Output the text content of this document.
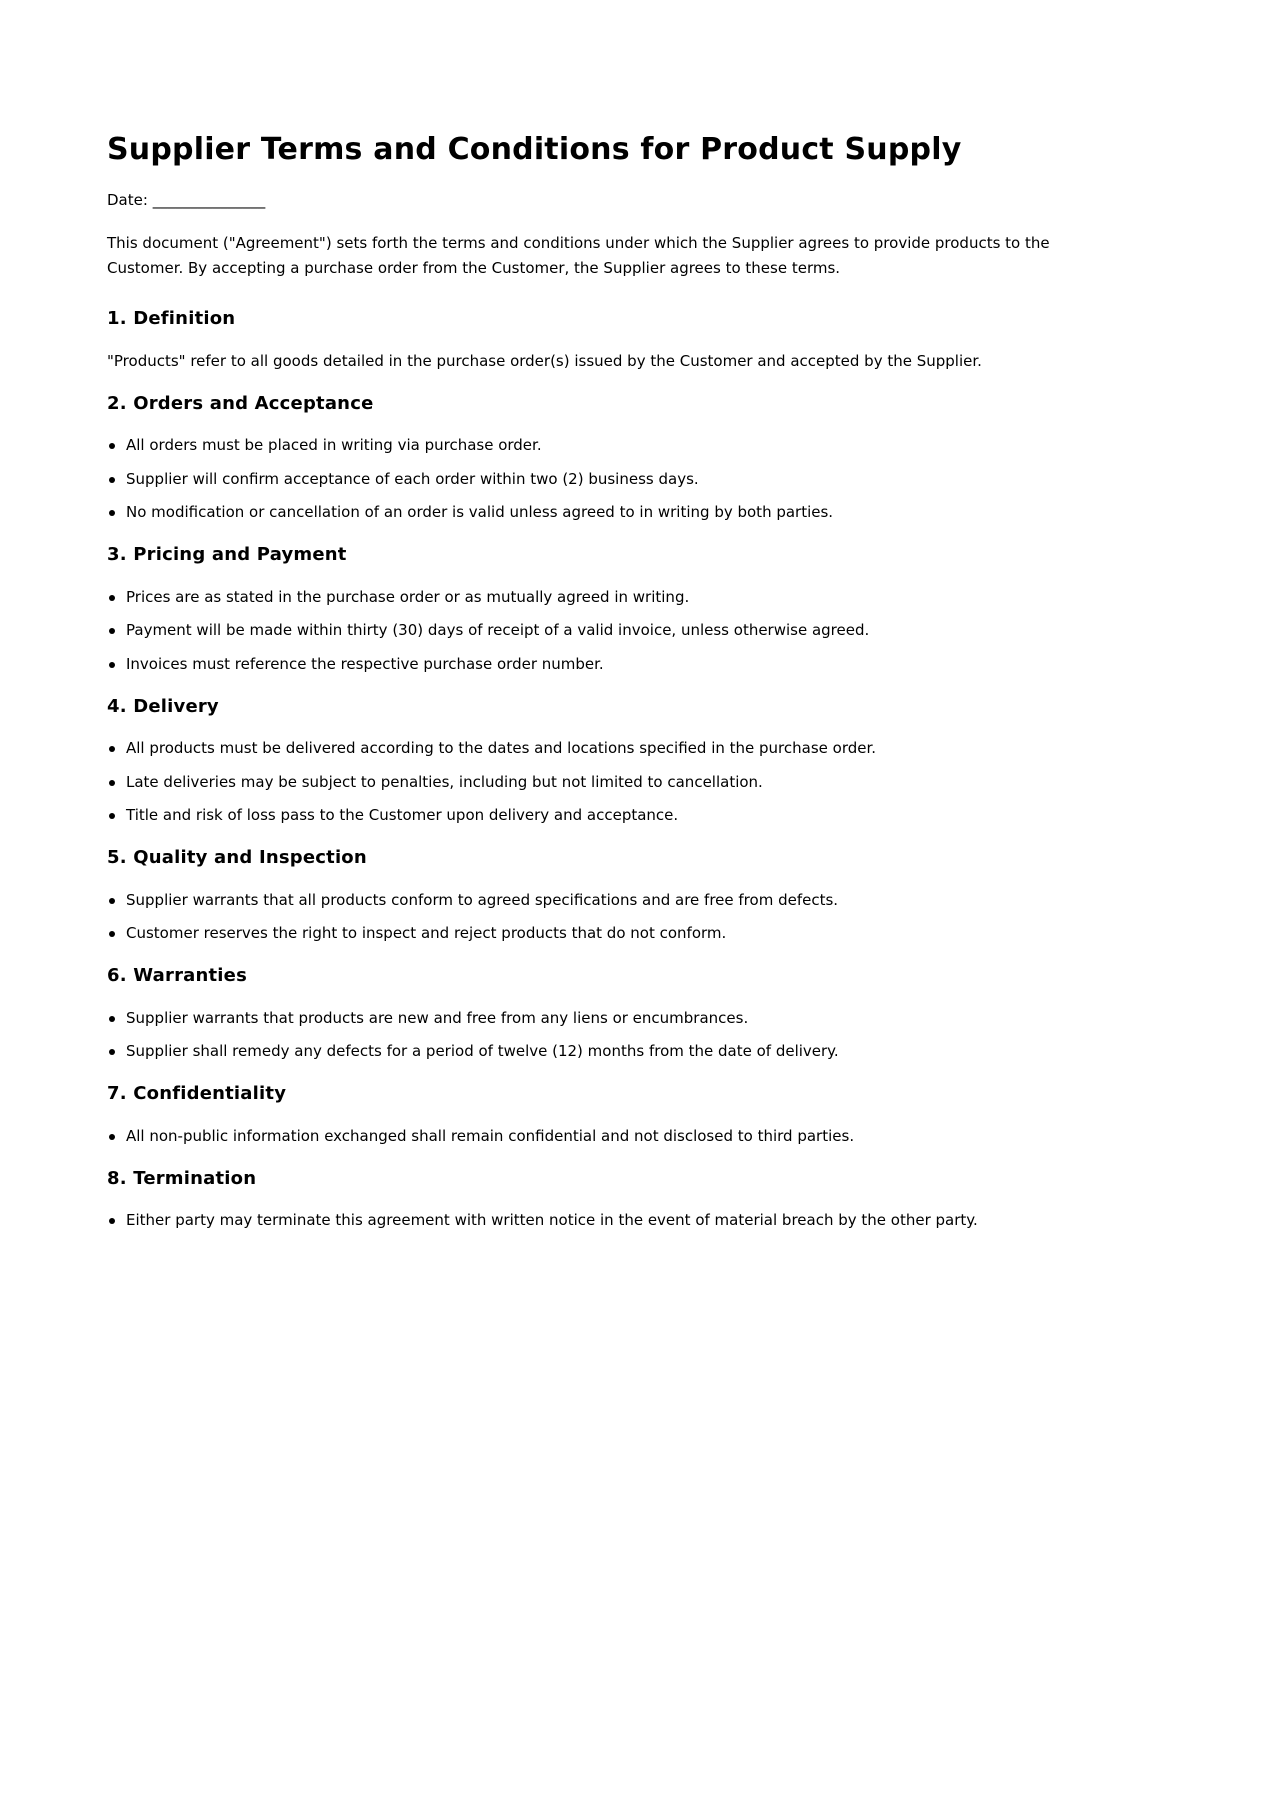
Supplier Terms and Conditions for Product Supply

Date: _______________

This document ("Agreement") sets forth the terms and conditions under which the Supplier agrees to provide products to the Customer. By accepting a purchase order from the Customer, the Supplier agrees to these terms.

1. Definition

"Products" refer to all goods detailed in the purchase order(s) issued by the Customer and accepted by the Supplier.

2. Orders and Acceptance
All orders must be placed in writing via purchase order.
Supplier will confirm acceptance of each order within two (2) business days.
No modification or cancellation of an order is valid unless agreed to in writing by both parties.
3. Pricing and Payment
Prices are as stated in the purchase order or as mutually agreed in writing.
Payment will be made within thirty (30) days of receipt of a valid invoice, unless otherwise agreed.
Invoices must reference the respective purchase order number.
4. Delivery
All products must be delivered according to the dates and locations specified in the purchase order.
Late deliveries may be subject to penalties, including but not limited to cancellation.
Title and risk of loss pass to the Customer upon delivery and acceptance.
5. Quality and Inspection
Supplier warrants that all products conform to agreed specifications and are free from defects.
Customer reserves the right to inspect and reject products that do not conform.
6. Warranties
Supplier warrants that products are new and free from any liens or encumbrances.
Supplier shall remedy any defects for a period of twelve (12) months from the date of delivery.
7. Confidentiality
All non-public information exchanged shall remain confidential and not disclosed to third parties.
8. Termination
Either party may terminate this agreement with written notice in the event of material breach by the other party.
